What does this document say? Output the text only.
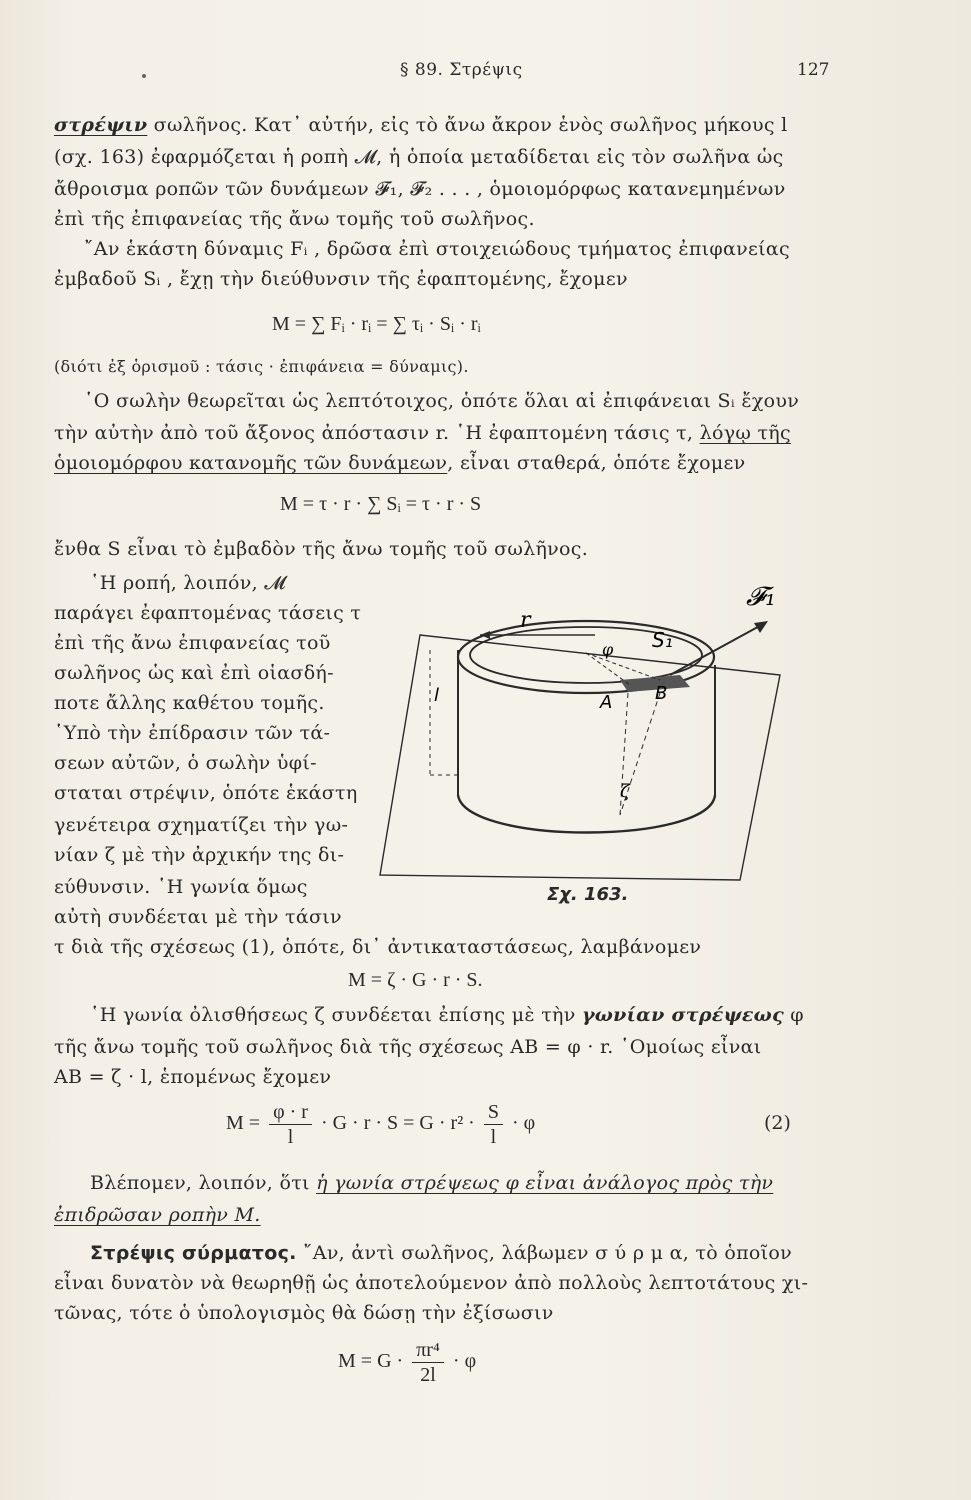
§ 89. Στρέψις	127
στρέψιν σωλῆνος. Κατ᾿ αὐτήν, εἰς τὸ ἄνω ἄκρον ἑνὸς σωλῆνος μήκους l
(σχ. 163) ἐφαρμόζεται ἡ ροπὴ 𝓜, ἡ ὁποία μεταδίδεται εἰς τὸν σωλῆνα ὡς
ἄθροισμα ροπῶν τῶν δυνάμεων 𝓕₁, 𝓕₂ . . . , ὁμοιομόρφως κατανεμημένων
ἐπὶ τῆς ἐπιφανείας τῆς ἄνω τομῆς τοῦ σωλῆνος.
῎Αν ἑκάστη δύναμις Fᵢ , δρῶσα ἐπὶ στοιχειώδους τμήματος ἐπιφανείας
ἐμβαδοῦ Sᵢ , ἔχῃ τὴν διεύθυνσιν τῆς ἐφαπτομένης, ἔχομεν
M = ∑ Fᵢ · rᵢ = ∑ τᵢ · Sᵢ · rᵢ
(διότι ἐξ ὁρισμοῦ : τάσις · ἐπιφάνεια = δύναμις).
῾Ο σωλὴν θεωρεῖται ὡς λεπτότοιχος, ὁπότε ὅλαι αἱ ἐπιφάνειαι Sᵢ ἔχουν
τὴν αὐτὴν ἀπὸ τοῦ ἄξονος ἀπόστασιν r. ῾Η ἐφαπτομένη τάσις τ, λόγῳ τῆς
ὁμοιομόρφου κατανομῆς τῶν δυνάμεων, εἶναι σταθερά, ὁπότε ἔχομεν
M = τ · r · ∑ Sᵢ = τ · r · S
ἔνθα S εἶναι τὸ ἐμβαδὸν τῆς ἄνω τομῆς τοῦ σωλῆνος.
῾Η ροπή, λοιπόν, 𝓜
παράγει ἐφαπτομένας τάσεις τ
ἐπὶ τῆς ἄνω ἐπιφανείας τοῦ
σωλῆνος ὡς καὶ ἐπὶ οἱασδή-
ποτε ἄλλης καθέτου τομῆς.
῾Υπὸ τὴν ἐπίδρασιν τῶν τά-
σεων αὐτῶν, ὁ σωλὴν ὑφί-
σταται στρέψιν, ὁπότε ἑκάστη
γενέτειρα σχηματίζει τὴν γω-
νίαν ζ μὲ τὴν ἀρχικήν της δι-
εύθυνσιν. ῾Η γωνία ὅμως
αὐτὴ συνδέεται μὲ τὴν τάσιν
τ διὰ τῆς σχέσεως (1), ὁπότε, δι᾿ ἀντικαταστάσεως, λαμβάνομεν
𝓕₁
r
φ S₁
A B
l
ζ
Σχ. 163.
M = ζ · G · r · S.
῾Η γωνία ὀλισθήσεως ζ συνδέεται ἐπίσης μὲ τὴν γωνίαν στρέψεως φ
τῆς ἄνω τομῆς τοῦ σωλῆνος διὰ τῆς σχέσεως AB = φ · r. ῾Ομοίως εἶναι
AB = ζ · l, ἑπομένως ἔχομεν
$M = \frac{\varphi \cdot r}{l} \cdot G \cdot r \cdot S = G \cdot r^2 \cdot \frac{S}{l} \cdot \varphi$	(2)
Βλέπομεν, λοιπόν, ὅτι ἡ γωνία στρέψεως φ εἶναι ἀνάλογος πρὸς τὴν
ἐπιδρῶσαν ροπὴν M.
Στρέψις σύρματος. ῎Αν, ἀντὶ σωλῆνος, λάβωμεν σ ύ ρ μ α, τὸ ὁποῖον
εἶναι δυνατὸν νὰ θεωρηθῇ ὡς ἀποτελούμενον ἀπὸ πολλοὺς λεπτοτάτους χι-
τῶνας, τότε ὁ ὑπολογισμὸς θὰ δώσῃ τὴν ἐξίσωσιν
$M = G \cdot \frac{\text{πr⁴}}{2l} \cdot \varphi$
